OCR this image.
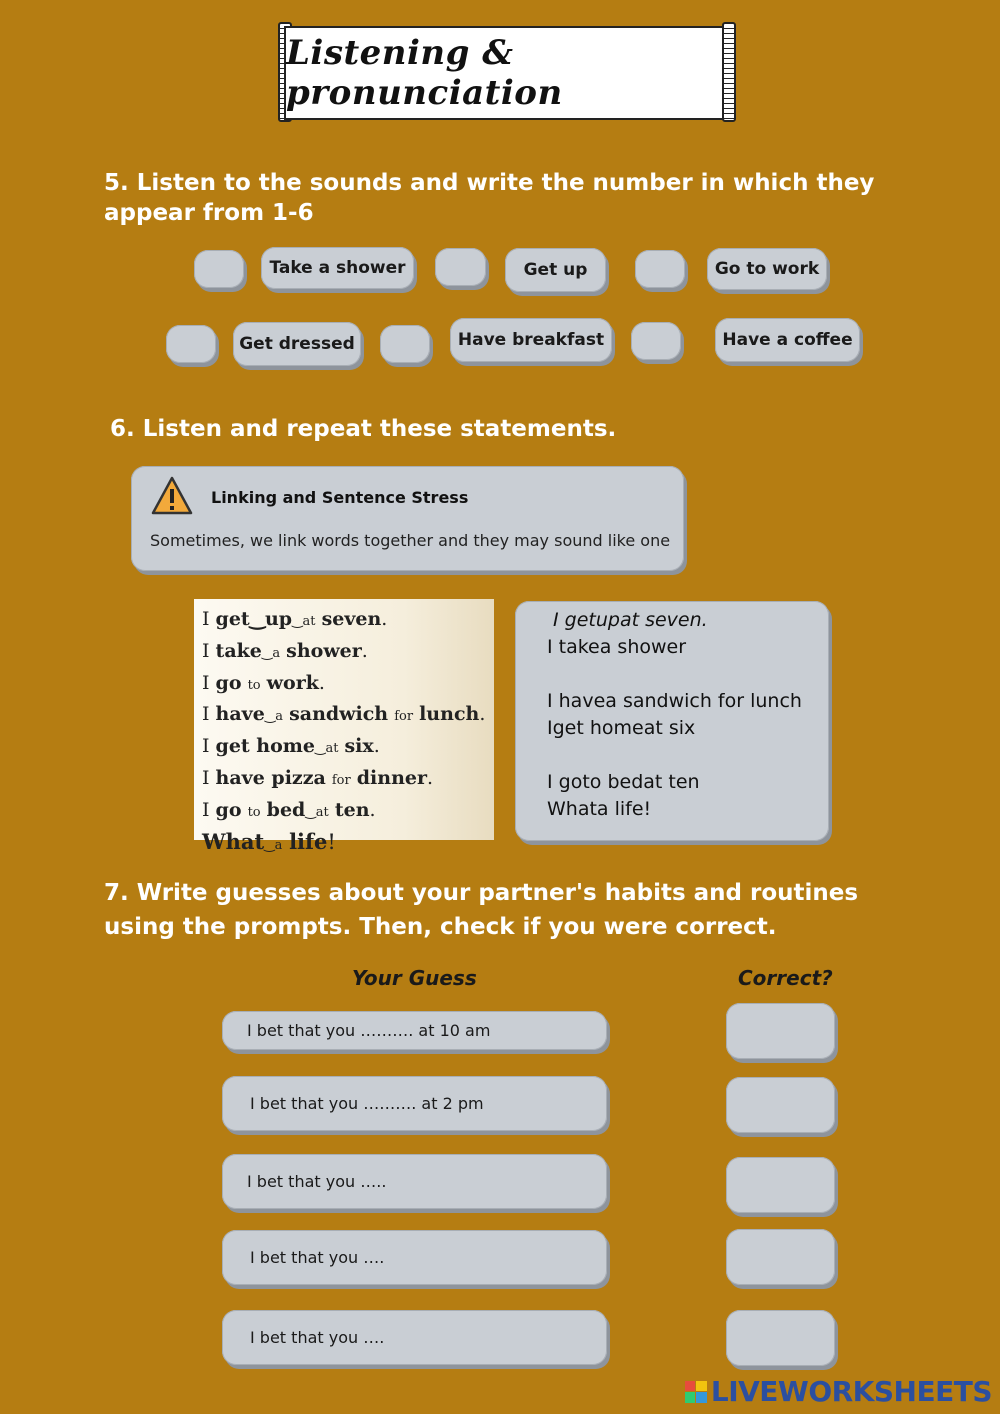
Listening & pronunciation
5. Listen to the sounds and write the number in which they appear from 1-6
Take a shower	Get up	Go to work
Get dressed	Have breakfast	Have a coffee
6. Listen and repeat these statements.
Linking and Sentence Stress
Sometimes, we link words together and they may sound like one
I get‿up‿at seven.
I take‿a shower.
I go to work.
I have‿a sandwich for lunch.
I get home‿at six.
I have pizza for dinner.
I go to bed‿at ten.
What‿a life!
I getupat seven.
I takea shower
I havea sandwich for lunch
Iget homeat six
I goto bedat ten
Whata life!
7. Write guesses about your partner's habits and routines using the prompts. Then, check if you were correct.
Your Guess	Correct?
I bet that you ………. at 10 am
I bet that you ………. at 2 pm
I bet that you …..
I bet that you ….
I bet that you ….
LIVEWORKSHEETS
